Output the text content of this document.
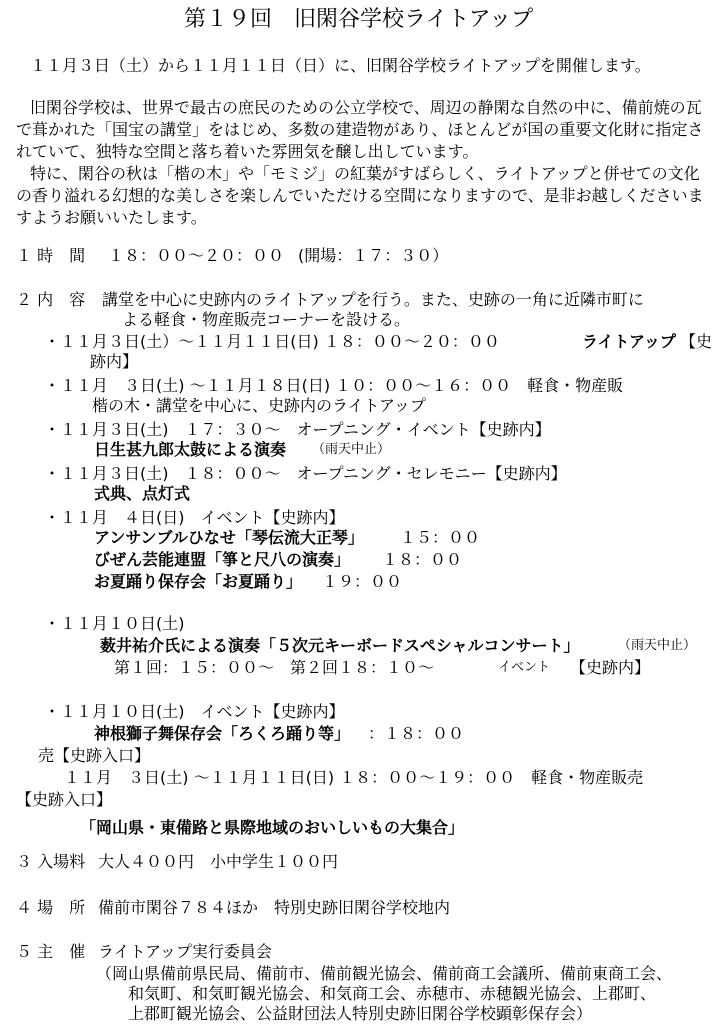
第１９回　旧閑谷学校ライトアップ
１１月３日（土）から１１月１１日（日）に、旧閑谷学校ライトアップを開催します。
旧閑谷学校は、世界で最古の庶民のための公立学校で、周辺の静閑な自然の中に、備前焼の瓦
で葺かれた「国宝の講堂」をはじめ、多数の建造物があり、ほとんどが国の重要文化財に指定さ
れていて、独特な空間と落ち着いた雰囲気を醸し出しています。
特に、閑谷の秋は「楷の木」や「モミジ」の紅葉がすばらしく、ライトアップと併せての文化
の香り溢れる幻想的な美しさを楽しんでいただける空間になりますので、是非お越しくださいま
すようお願いいたします。
１ 時　間 １８：００〜２０：００ (開場：１７：３０）
２ 内　容 講堂を中心に史跡内のライトアップを行う。また、史跡の一角に近隣市町に
よる軽食・物産販売コーナーを設ける。
・１１月３日(土）〜１１月１１日(日) １８：００〜２０：００	ライトアップ 【史
跡内】
・１１月　３日(土) 〜１１月１８日(日) １０：００〜１６：００　軽食・物産販
楷の木・講堂を中心に、史跡内のライトアップ
・１１月３日(土)　１７：３０〜　オープニング・イベント【史跡内】
日生甚九郎太鼓による演奏 （雨天中止）
・１１月３日(土)　１８：００〜　オープニング・セレモニー【史跡内】
式典、点灯式
・１１月　４日(日)　イベント【史跡内】
アンサンブルひなせ「琴伝流大正琴」 １５：００
びぜん芸能連盟「箏と尺八の演奏」 １８：００
お夏踊り保存会「お夏踊り」 １９：００
・１１月１０日(土)
薮井祐介氏による演奏「５次元キーボードスペシャルコンサート」	（雨天中止）
第１回：１５：００〜　第２回１８：１０〜	イベント 【史跡内】
・１１月１０日(土)　イベント【史跡内】
神根獅子舞保存会「ろくろ踊り等」 ：１８：００
売【史跡入口】
１１月　３日(土) 〜１１月１１日(日) １８：００〜１９：００　軽食・物産販売
【史跡入口】
「岡山県・東備路と県際地域のおいしいもの大集合」
３ 入場料 大人４００円　小中学生１００円
４ 場　所 備前市閑谷７８４ほか　特別史跡旧閑谷学校地内
５ 主　催 ライトアップ実行委員会
（岡山県備前県民局、備前市、備前観光協会、備前商工会議所、備前東商工会、
和気町、和気町観光協会、和気商工会、赤穂市、赤穂観光協会、上郡町、
上郡町観光協会、公益財団法人特別史跡旧閑谷学校顕彰保存会）
